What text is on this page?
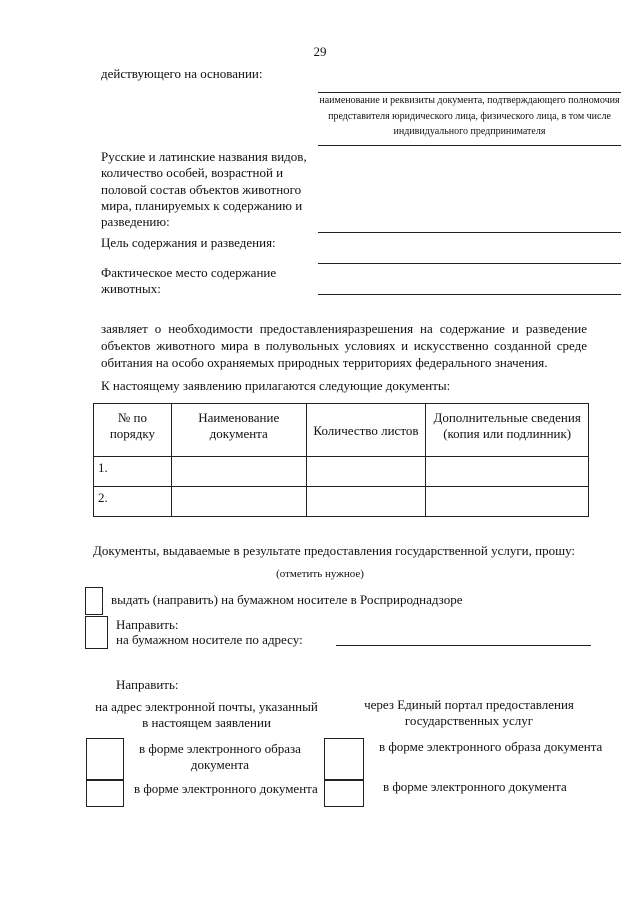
29
действующего на основании:
наименование и реквизиты документа, подтверждающего полномочия представителя юридического лица, физического лица, в том числе индивидуального предпринимателя
Русские и латинские названия видов, количество особей, возрастной и половой состав объектов животного мира, планируемых к содержанию и разведению:
Цель содержания и разведения:
Фактическое место содержание животных:
заявляет о необходимости предоставленияразрешения на содержание и разведение объектов животного мира в полувольных условиях и искусственно созданной среде обитания на особо охраняемых природных территориях федерального значения.
К настоящему заявлению прилагаются следующие документы:
№ по порядку	Наименование документа	Количество листов	Дополнительные сведения (копия или подлинник)
1.			
2.			
Документы, выдаваемые в результате предоставления государственной услуги, прошу:
(отметить нужное)
выдать (направить) на бумажном носителе в Росприроднадзоре
Направить:
на бумажном носителе по адресу:
Направить:
на адрес электронной почты, указанный в настоящем заявлении
через Единый портал предоставления государственных услуг
в форме электронного образа документа
в форме электронного документа
в форме электронного образа документа
в форме электронного документа
